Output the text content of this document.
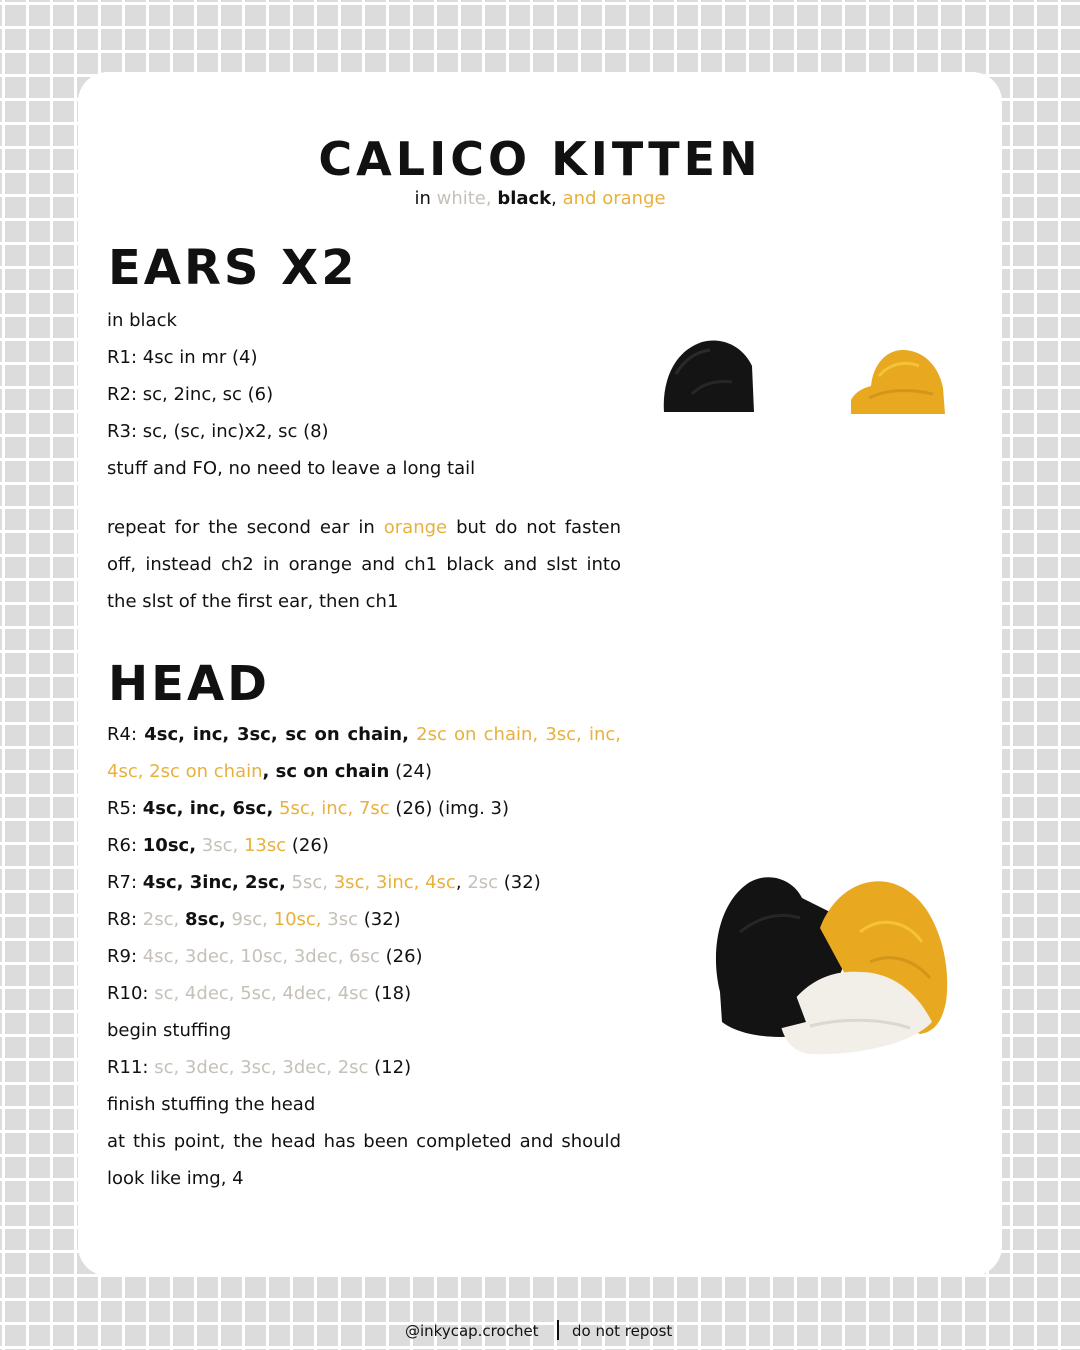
CALICO KITTEN
in white, black, and orange
EARS X2
in black
R1: 4sc in mr (4)
R2: sc, 2inc, sc (6)
R3: sc, (sc, inc)x2, sc (8)
stuff and FO, no need to leave a long tail
repeat for the second ear in orange but do not fasten off, instead ch2 in orange and ch1 black and slst into the slst of the first ear, then ch1
HEAD
R4: 4sc, inc, 3sc, sc on chain, 2sc on chain, 3sc, inc, 4sc, 2sc on chain, sc on chain (24)
R5: 4sc, inc, 6sc, 5sc, inc, 7sc (26) (img. 3)
R6: 10sc, 3sc, 13sc (26)
R7: 4sc, 3inc, 2sc, 5sc, 3sc, 3inc, 4sc, 2sc (32)
R8: 2sc, 8sc, 9sc, 10sc, 3sc (32)
R9: 4sc, 3dec, 10sc, 3dec, 6sc (26)
R10: sc, 4dec, 5sc, 4dec, 4sc (18)
begin stuffing
R11: sc, 3dec, 3sc, 3dec, 2sc (12)
finish stuffing the head
at this point, the head has been completed and should look like img, 4
@inkycap.crochet do not repost
